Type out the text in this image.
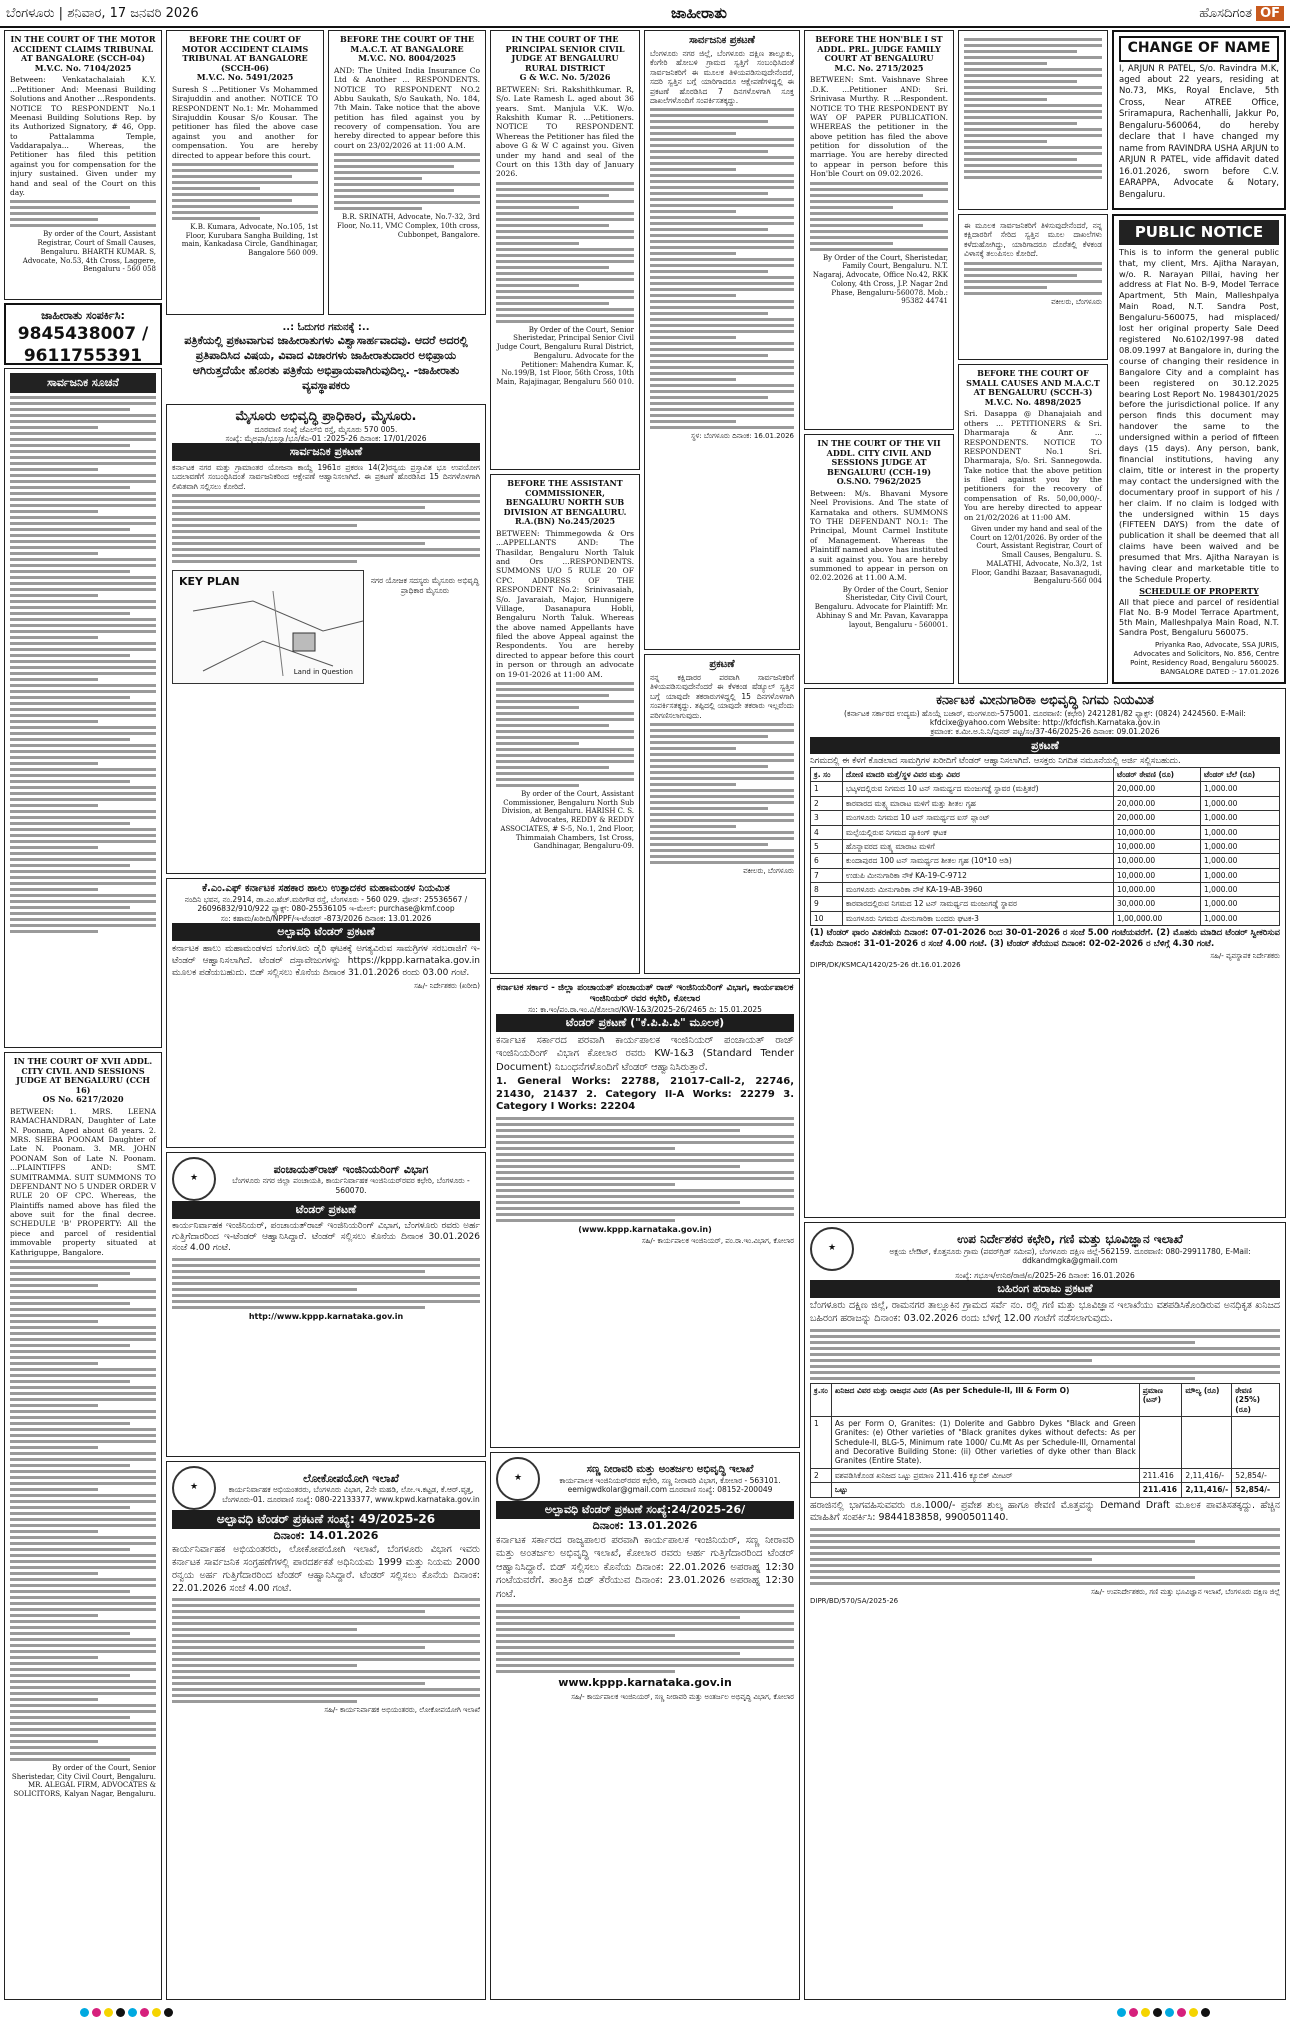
ಬೆಂಗಳೂರು | ಶನಿವಾರ, 17 ಜನವರಿ 2026	ಜಾಹೀರಾತು	ಹೊಸದಿಗಂತ OF
IN THE COURT OF THE MOTOR ACCIDENT CLAIMS TRIBUNAL AT BANGALORE (SCCH-04)
M.V.C. No. 7104/2025
Between: Venkatachalaiah K.Y. ...Petitioner And: Meenasi Building Solutions and Another ...Respondents. NOTICE TO RESPONDENT No.1 Meenasi Building Solutions Rep. by its Authorized Signatory, # 46, Opp. to Pattalamma Temple, Vaddarapalya... Whereas, the Petitioner has filed this petition against you for compensation for the injury sustained. Given under my hand and seal of the Court on this day.
By order of the Court, Assistant Registrar, Court of Small Causes, Bengaluru. BHARTH KUMAR. S, Advocate, No.53, 4th Cross, Laggere, Bengaluru - 560 058
ಜಾಹೀರಾತು ಸಂಪರ್ಕಿಸಿ:
9845438007 /
9611755391
ಸಾರ್ವಜನಿಕ ಸೂಚನೆ
IN THE COURT OF XVII ADDL. CITY CIVIL AND SESSIONS JUDGE AT BENGALURU (CCH 16)
OS No. 6217/2020
BETWEEN: 1. MRS. LEENA RAMACHANDRAN, Daughter of Late N. Poonam, Aged about 68 years. 2. MRS. SHEBA POONAM Daughter of Late N. Poonam. 3. MR. JOHN POONAM Son of Late N. Poonam. ...PLAINTIFFS AND: SMT. SUMITRAMMA. SUIT SUMMONS TO DEFENDANT NO 5 UNDER ORDER V RULE 20 OF CPC. Whereas, the Plaintiffs named above has filed the above suit for the final decree. SCHEDULE 'B' PROPERTY: All the piece and parcel of residential immovable property situated at Kathriguppe, Bangalore.
By order of the Court, Senior Sheristedar, City Civil Court, Bengaluru. MR. ALEGAL FIRM, ADVOCATES & SOLICITORS, Kalyan Nagar, Bengaluru.
BEFORE THE COURT OF MOTOR ACCIDENT CLAIMS TRIBUNAL AT BANGALORE (SCCH-06)
M.V.C. No. 5491/2025
Suresh S ...Petitioner Vs Mohammed Sirajuddin and another. NOTICE TO RESPONDENT No.1: Mr. Mohammed Sirajuddin Kousar S/o Kousar. The petitioner has filed the above case against you and another for compensation. You are hereby directed to appear before this court.
K.B. Kumara, Advocate, No.105, 1st Floor, Kurubara Sangha Building, 1st main, Kankadasa Circle, Gandhinagar, Bangalore 560 009.
BEFORE THE COURT OF THE M.A.C.T. AT BANGALORE
M.V.C. NO. 8004/2025
AND: The United India Insurance Co Ltd & Another ... RESPONDENTS. NOTICE TO RESPONDENT NO.2 Abbu Saukath, S/o Saukath, No. 184, 7th Main. Take notice that the above petition has filed against you by recovery of compensation. You are hereby directed to appear before this court on 23/02/2026 at 11:00 A.M.
B.R. SRINATH, Advocate, No.7-32, 3rd Floor, No.11, VMC Complex, 10th cross, Cubbonpet, Bangalore.
..: ಓದುಗರ ಗಮನಕ್ಕೆ :..
ಪತ್ರಿಕೆಯಲ್ಲಿ ಪ್ರಕಟವಾಗುವ ಜಾಹೀರಾತುಗಳು ವಿಶ್ವಾಸಾರ್ಹವಾದವು. ಆದರೆ ಅದರಲ್ಲಿ ಪ್ರತಿಪಾದಿಸಿದ ವಿಷಯ, ವಿವಾದ ವಿಚಾರಗಳು ಜಾಹೀರಾತುದಾರರ ಅಭಿಪ್ರಾಯ ಆಗಿರುತ್ತದೆಯೇ ಹೊರತು ಪತ್ರಿಕೆಯ ಅಭಿಪ್ರಾಯವಾಗಿರುವುದಿಲ್ಲ. -ಜಾಹೀರಾತು ವ್ಯವಸ್ಥಾಪಕರು
ಮೈಸೂರು ಅಭಿವೃದ್ಧಿ ಪ್ರಾಧಿಕಾರ, ಮೈಸೂರು.
ದೂರವಾಣಿ ಸಂಖ್ಯೆ ಜೆಎಲ್‌ಬಿ ರಸ್ತೆ, ಮೈಸೂರು 570 005.
ಸಂಖ್ಯೆ: ಮೈಅಪ್ರಾ/ಭೂಸ್ವಾ/ಭೂ/ಕೆಎ-01 :2025-26 ದಿನಾಂಕ: 17/01/2026
ಸಾರ್ವಜನಿಕ ಪ್ರಕಟಣೆ
ಕರ್ನಾಟಕ ನಗರ ಮತ್ತು ಗ್ರಾಮಾಂತರ ಯೋಜನಾ ಕಾಯ್ದೆ 1961ರ ಪ್ರಕರಣ 14(2)ರನ್ವಯ ಪ್ರಸ್ತಾವಿತ ಭೂ ಉಪಯೋಗ ಬದಲಾವಣೆಗೆ ಸಂಬಂಧಿಸಿದಂತೆ ಸಾರ್ವಜನಿಕರಿಂದ ಆಕ್ಷೇಪಣೆ ಆಹ್ವಾನಿಸಲಾಗಿದೆ. ಈ ಪ್ರಕಟಣೆ ಹೊರಡಿಸಿದ 15 ದಿನಗಳೊಳಗಾಗಿ ಲಿಖಿತವಾಗಿ ಸಲ್ಲಿಸಲು ಕೋರಿದೆ.
KEY PLAN
Land in Question
ನಗರ ಯೋಜಕ ಸದಸ್ಯರು ಮೈಸೂರು ಅಭಿವೃದ್ಧಿ ಪ್ರಾಧಿಕಾರ ಮೈಸೂರು
ಕೆ.ಎಂ.ಎಫ್ ಕರ್ನಾಟಕ ಸಹಕಾರ ಹಾಲು ಉತ್ಪಾದಕರ ಮಹಾಮಂಡಳ ನಿಯಮಿತ
ನಂದಿನಿ ಭವನ, ನಂ.2914, ಡಾ.ಎಂ.ಹೆಚ್.ಮರಿಗೌಡ ರಸ್ತೆ, ಬೆಂಗಳೂರು - 560 029. ಫೋನ್: 25536567 / 26096832/910/922 ಫ್ಯಾಕ್ಸ್: 080-25536105 ಇ-ಮೇಲ್: purchase@kmf.coop
ಸಂ: ಕಹಾಮ/ಖರೀದಿ/NPPF/ಇ-ಟೆಂಡರ್ -873/2026 ದಿನಾಂಕ: 13.01.2026
ಅಲ್ಪಾವಧಿ ಟೆಂಡರ್ ಪ್ರಕಟಣೆ
ಕರ್ನಾಟಕ ಹಾಲು ಮಹಾಮಂಡಳದ ಬೆಂಗಳೂರು ಡೈರಿ ಘಟಕಕ್ಕೆ ಅಗತ್ಯವಿರುವ ಸಾಮಗ್ರಿಗಳ ಸರಬರಾಜಿಗೆ ಇ-ಟೆಂಡರ್ ಆಹ್ವಾನಿಸಲಾಗಿದೆ. ಟೆಂಡರ್ ದಸ್ತಾವೇಜುಗಳನ್ನು https://kppp.karnataka.gov.in ಮೂಲಕ ಪಡೆಯಬಹುದು. ಬಿಡ್ ಸಲ್ಲಿಸಲು ಕೊನೆಯ ದಿನಾಂಕ 31.01.2026 ರಂದು 03.00 ಗಂಟೆ.
ಸಹಿ/- ನಿರ್ದೇಶಕರು (ಖರೀದಿ)
★
ಪಂಚಾಯತ್‌ರಾಜ್ ಇಂಜಿನಿಯರಿಂಗ್ ವಿಭಾಗ
ಬೆಂಗಳೂರು ನಗರ ಜಿಲ್ಲಾ ಪಂಚಾಯತಿ, ಕಾರ್ಯನಿರ್ವಾಹಕ ಇಂಜಿನಿಯರ್‌ರವರ ಕಛೇರಿ, ಬೆಂಗಳೂರು - 560070.
ಟೆಂಡರ್ ಪ್ರಕಟಣೆ
ಕಾರ್ಯನಿರ್ವಾಹಕ ಇಂಜಿನಿಯರ್, ಪಂಚಾಯತ್‌ರಾಜ್ ಇಂಜಿನಿಯರಿಂಗ್ ವಿಭಾಗ, ಬೆಂಗಳೂರು ರವರು ಅರ್ಹ ಗುತ್ತಿಗೆದಾರರಿಂದ ಇ-ಟೆಂಡರ್ ಆಹ್ವಾನಿಸಿದ್ದಾರೆ. ಟೆಂಡರ್ ಸಲ್ಲಿಸಲು ಕೊನೆಯ ದಿನಾಂಕ 30.01.2026 ಸಂಜೆ 4.00 ಗಂಟೆ.
http://www.kppp.karnataka.gov.in
★
ಲೋಕೋಪಯೋಗಿ ಇಲಾಖೆ
ಕಾರ್ಯನಿರ್ವಾಹಕ ಅಭಿಯಂತರರು, ಬೆಂಗಳೂರು ವಿಭಾಗ, 2ನೇ ಮಹಡಿ, ಲೋ.ಇ.ಕಟ್ಟಡ, ಕೆ.ಆರ್.ವೃತ್ತ, ಬೆಂಗಳೂರು-01. ದೂರವಾಣಿ ಸಂಖ್ಯೆ: 080-22133377, www.kpwd.karnataka.gov.in
ಅಲ್ಪಾವಧಿ ಟೆಂಡರ್ ಪ್ರಕಟಣೆ ಸಂಖ್ಯೆ: 49/2025-26
ದಿನಾಂಕ: 14.01.2026
ಕಾರ್ಯನಿರ್ವಾಹಕ ಅಭಿಯಂತರರು, ಲೋಕೋಪಯೋಗಿ ಇಲಾಖೆ, ಬೆಂಗಳೂರು ವಿಭಾಗ ಇವರು ಕರ್ನಾಟಕ ಸಾರ್ವಜನಿಕ ಸಂಗ್ರಹಣೆಗಳಲ್ಲಿ ಪಾರದರ್ಶಕತೆ ಅಧಿನಿಯಮ 1999 ಮತ್ತು ನಿಯಮ 2000 ರನ್ವಯ ಅರ್ಹ ಗುತ್ತಿಗೆದಾರರಿಂದ ಟೆಂಡರ್ ಆಹ್ವಾನಿಸಿದ್ದಾರೆ. ಟೆಂಡರ್ ಸಲ್ಲಿಸಲು ಕೊನೆಯ ದಿನಾಂಕ: 22.01.2026 ಸಂಜೆ 4.00 ಗಂಟೆ.
ಸಹಿ/- ಕಾರ್ಯನಿರ್ವಾಹಕ ಅಭಿಯಂತರರು, ಲೋಕೋಪಯೋಗಿ ಇಲಾಖೆ
IN THE COURT OF THE PRINCIPAL SENIOR CIVIL JUDGE AT BENGALURU RURAL DISTRICT
G & W.C. No. 5/2026
BETWEEN: Sri. Rakshithkumar. R, S/o. Late Ramesh L. aged about 36 years. Smt. Manjula V.K. W/o. Rakshith Kumar R. ...Petitioners. NOTICE TO RESPONDENT. Whereas the Petitioner has filed the above G & W C against you. Given under my hand and seal of the Court on this 13th day of January 2026.
By Order of the Court, Senior Sheristedar, Principal Senior Civil Judge Court, Bengaluru Rural District, Bengaluru. Advocate for the Petitioner: Mahendra Kumar. K, No.199/B, 1st Floor, 56th Cross, 10th Main, Rajajinagar, Bengaluru 560 010.
BEFORE THE ASSISTANT COMMISSIONER, BENGALURU NORTH SUB DIVISION AT BENGALURU.
R.A.(BN) No.245/2025
BETWEEN: Thimmegowda & Ors ...APPELLANTS AND: The Thasildar, Bengaluru North Taluk and Ors ...RESPONDENTS. SUMMONS U/O 5 RULE 20 OF CPC. ADDRESS OF THE RESPONDENT No.2: Srinivasaiah, S/o. Javaraiah, Major, Hunnigere Village, Dasanapura Hobli, Bengaluru North Taluk. Whereas the above named Appellants have filed the above Appeal against the Respondents. You are hereby directed to appear before this court in person or through an advocate on 19-01-2026 at 11:00 AM.
By order of the Court, Assistant Commissioner, Bengaluru North Sub Division, at Bengaluru. HARISH C. S. Advocates, REDDY & REDDY ASSOCIATES, # S-5, No.1, 2nd Floor, Thimmaiah Chambers, 1st Cross, Gandhinagar, Bengaluru-09.
ಸಾರ್ವಜನಿಕ ಪ್ರಕಟಣೆ
ಬೆಂಗಳೂರು ನಗರ ಜಿಲ್ಲೆ, ಬೆಂಗಳೂರು ದಕ್ಷಿಣ ತಾಲ್ಲೂಕು, ಕೆಂಗೇರಿ ಹೋಬಳಿ ಗ್ರಾಮದ ಸ್ವತ್ತಿಗೆ ಸಂಬಂಧಿಸಿದಂತೆ ಸಾರ್ವಜನಿಕರಿಗೆ ಈ ಮೂಲಕ ತಿಳಿಯಪಡಿಸುವುದೇನೆಂದರೆ, ಸದರಿ ಸ್ವತ್ತಿನ ಬಗ್ಗೆ ಯಾರಿಗಾದರೂ ಆಕ್ಷೇಪಣೆಗಳಿದ್ದಲ್ಲಿ ಈ ಪ್ರಕಟಣೆ ಹೊರಡಿಸಿದ 7 ದಿನಗಳೊಳಗಾಗಿ ಸೂಕ್ತ ದಾಖಲೆಗಳೊಂದಿಗೆ ಸಂಪರ್ಕಿಸತಕ್ಕದ್ದು.
ಸ್ಥಳ: ಬೆಂಗಳೂರು ದಿನಾಂಕ: 16.01.2026
ಪ್ರಕಟಣೆ
ನನ್ನ ಕಕ್ಷಿದಾರರ ಪರವಾಗಿ ಸಾರ್ವಜನಿಕರಿಗೆ ತಿಳಿಯಪಡಿಸುವುದೇನೆಂದರೆ ಈ ಕೆಳಕಂಡ ಷೆಡ್ಯೂಲ್ ಸ್ವತ್ತಿನ ಬಗ್ಗೆ ಯಾವುದೇ ತಕರಾರುಗಳಿದ್ದಲ್ಲಿ 15 ದಿನಗಳೊಳಗಾಗಿ ಸಂಪರ್ಕಿಸತಕ್ಕದ್ದು. ತಪ್ಪಿದಲ್ಲಿ ಯಾವುದೇ ತಕರಾರು ಇಲ್ಲವೆಂದು ಪರಿಗಣಿಸಲಾಗುವುದು.
ವಕೀಲರು, ಬೆಂಗಳೂರು
ಕರ್ನಾಟಕ ಸರ್ಕಾರ - ಜಿಲ್ಲಾ ಪಂಚಾಯತ್ ಪಂಚಾಯತ್ ರಾಜ್ ಇಂಜಿನಿಯರಿಂಗ್ ವಿಭಾಗ, ಕಾರ್ಯಪಾಲಕ ಇಂಜಿನಿಯರ್ ರವರ ಕಛೇರಿ, ಕೋಲಾರ
ಸಂ: ಕಾ.ಇಂ/ಪಂ.ರಾ.ಇಂ.ವಿ/ಕೋಲಾರ/KW-1&3/2025-26/2465 ದಿ: 15.01.2025
ಟೆಂಡರ್ ಪ್ರಕಟಣೆ ("ಕೆ.ಪಿ.ಪಿ.ಪಿ" ಮೂಲಕ)
ಕರ್ನಾಟಕ ಸರ್ಕಾರದ ಪರವಾಗಿ ಕಾರ್ಯಪಾಲಕ ಇಂಜಿನಿಯರ್ ಪಂಚಾಯತ್ ರಾಜ್ ಇಂಜಿನಿಯರಿಂಗ್ ವಿಭಾಗ ಕೋಲಾರ ರವರು KW-1&3 (Standard Tender Document) ನಿಬಂಧನೆಗಳೊಂದಿಗೆ ಟೆಂಡರ್ ಆಹ್ವಾನಿಸಿರುತ್ತಾರೆ.
1. General Works: 22788, 21017-Call-2, 22746, 21430, 21437 2. Category II-A Works: 22279 3. Category I Works: 22204
(www.kppp.karnataka.gov.in)
ಸಹಿ/- ಕಾರ್ಯಪಾಲಕ ಇಂಜಿನಿಯರ್, ಪಂ.ರಾ.ಇಂ.ವಿಭಾಗ, ಕೋಲಾರ
★
ಸಣ್ಣ ನೀರಾವರಿ ಮತ್ತು ಅಂತರ್ಜಲ ಅಭಿವೃದ್ಧಿ ಇಲಾಖೆ
ಕಾರ್ಯಪಾಲಕ ಇಂಜಿನಿಯರ್‌ರವರ ಕಛೇರಿ, ಸಣ್ಣ ನೀರಾವರಿ ವಿಭಾಗ, ಕೋಲಾರ - 563101. eemigwdkolar@gmail.com ದೂರವಾಣಿ ಸಂಖ್ಯೆ: 08152-200049
ಅಲ್ಪಾವಧಿ ಟೆಂಡರ್ ಪ್ರಕಟಣೆ ಸಂಖ್ಯೆ:24/2025-26/
ದಿನಾಂಕ: 13.01.2026
ಕರ್ನಾಟಕ ಸರ್ಕಾರದ ರಾಜ್ಯಪಾಲರ ಪರವಾಗಿ ಕಾರ್ಯಪಾಲಕ ಇಂಜಿನಿಯರ್, ಸಣ್ಣ ನೀರಾವರಿ ಮತ್ತು ಅಂತರ್ಜಲ ಅಭಿವೃದ್ಧಿ ಇಲಾಖೆ, ಕೋಲಾರ ರವರು ಅರ್ಹ ಗುತ್ತಿಗೆದಾರರಿಂದ ಟೆಂಡರ್ ಆಹ್ವಾನಿಸಿದ್ದಾರೆ. ಬಿಡ್ ಸಲ್ಲಿಸಲು ಕೊನೆಯ ದಿನಾಂಕ: 22.01.2026 ಅಪರಾಹ್ನ 12:30 ಗಂಟೆಯವರೆಗೆ. ತಾಂತ್ರಿಕ ಬಿಡ್ ತೆರೆಯುವ ದಿನಾಂಕ: 23.01.2026 ಅಪರಾಹ್ನ 12:30 ಗಂಟೆ.
www.kppp.karnataka.gov.in
ಸಹಿ/- ಕಾರ್ಯಪಾಲಕ ಇಂಜಿನಿಯರ್, ಸಣ್ಣ ನೀರಾವರಿ ಮತ್ತು ಅಂತರ್ಜಲ ಅಭಿವೃದ್ಧಿ ವಿಭಾಗ, ಕೋಲಾರ
BEFORE THE HON'BLE I ST ADDL. PRL. JUDGE FAMILY COURT AT BENGALURU
M.C. No. 2715/2025
BETWEEN: Smt. Vaishnave Shree .D.K. ...Petitioner AND: Sri. Srinivasa Murthy. R ...Respondent. NOTICE TO THE RESPONDENT BY WAY OF PAPER PUBLICATION. WHEREAS the petitioner in the above petition has filed the above petition for dissolution of the marriage. You are hereby directed to appear in person before this Hon'ble Court on 09.02.2026.
By Order of the Court, Sheristedar, Family Court, Bengaluru. N.T. Nagaraj, Advocate, Office No.42, RKK Colony, 4th Cross, J.P. Nagar 2nd Phase, Bengaluru-560078. Mob.: 95382 44741
IN THE COURT OF THE VII ADDL. CITY CIVIL AND SESSIONS JUDGE AT BENGALURU (CCH-19)
O.S.NO. 7962/2025
Between: M/s. Bhavani Mysore Neel Provisions. And The state of Karnataka and others. SUMMONS TO THE DEFENDANT NO.1: The Principal, Mount Carmel Institute of Management. Whereas the Plaintiff named above has instituted a suit against you. You are hereby summoned to appear in person on 02.02.2026 at 11.00 A.M.
By Order of the Court, Senior Sheristedar, City Civil Court, Bengaluru. Advocate for Plaintiff: Mr. Abhinay S and Mr. Pavan, Kavarappa layout, Bengaluru - 560001.
BEFORE THE COURT OF SMALL CAUSES AND M.A.C.T AT BENGALURU (SCCH-3)
M.V.C. No. 4898/2025
Sri. Dasappa @ Dhanajaiah and others ... PETITIONERS & Sri. Dharmaraja & Anr. ... RESPONDENTS. NOTICE TO RESPONDENT No.1 Sri. Dharmaraja, S/o. Sri. Sannegowda. Take notice that the above petition is filed against you by the petitioners for the recovery of compensation of Rs. 50,00,000/-. You are hereby directed to appear on 21/02/2026 at 11:00 AM.
Given under my hand and seal of the Court on 12/01/2026. By order of the Court, Assistant Registrar, Court of Small Causes, Bengaluru. S. MALATHI, Advocate, No.3/2, 1st Floor, Gandhi Bazaar, Basavanagudi, Bengaluru-560 004
CHANGE OF NAME
I, ARJUN R PATEL, S/o. Ravindra M.K, aged about 22 years, residing at No.73, MKs, Royal Enclave, 5th Cross, Near ATREE Office, Sriramapura, Rachenhalli, Jakkur Po, Bengaluru-560064, do hereby declare that I have changed my name from RAVINDRA USHA ARJUN to ARJUN R PATEL, vide affidavit dated 16.01.2026, sworn before C.V. EARAPPA, Advocate & Notary, Bengaluru.
PUBLIC NOTICE
This is to inform the general public that, my client, Mrs. Ajitha Narayan, w/o. R. Narayan Pillai, having her address at Flat No. B-9, Model Terrace Apartment, 5th Main, Malleshpalya Main Road, N.T. Sandra Post, Bengaluru-560075, had misplaced/ lost her original property Sale Deed registered No.6102/1997-98 dated 08.09.1997 at Bangalore in, during the course of changing their residence in Bangalore City and a complaint has been registered on 30.12.2025 bearing Lost Report No. 1984301/2025 before the jurisdictional police. If any person finds this document may handover the same to the undersigned within a period of fifteen days (15 days). Any person, bank, financial institutions, having any claim, title or interest in the property may contact the undersigned with the documentary proof in support of his / her claim. If no claim is lodged with the undersigned within 15 days (FIFTEEN DAYS) from the date of publication it shall be deemed that all claims have been waived and be presumed that Mrs. Ajitha Narayan is having clear and marketable title to the Schedule Property.
SCHEDULE OF PROPERTY
All that piece and parcel of residential Flat No. B-9 Model Terrace Apartment, 5th Main, Malleshpalya Main Road, N.T. Sandra Post, Bengaluru 560075.
Priyanka Rao, Advocate, SSA JURIS, Advocates and Solicitors, No. 856, Centre Point, Residency Road, Bengaluru 560025. BANGALORE DATED :- 17.01.2026
ಈ ಮೂಲಕ ಸಾರ್ವಜನಿಕರಿಗೆ ತಿಳಿಸುವುದೇನೆಂದರೆ, ನನ್ನ ಕಕ್ಷಿದಾರರಿಗೆ ಸೇರಿದ ಸ್ವತ್ತಿನ ಮೂಲ ದಾಖಲೆಗಳು ಕಳೆದುಹೋಗಿದ್ದು, ಯಾರಿಗಾದರೂ ದೊರೆತಲ್ಲಿ ಕೆಳಕಂಡ ವಿಳಾಸಕ್ಕೆ ತಲುಪಿಸಲು ಕೋರಿದೆ.
ವಕೀಲರು, ಬೆಂಗಳೂರು
ಕರ್ನಾಟಕ ಮೀನುಗಾರಿಕಾ ಅಭಿವೃದ್ಧಿ ನಿಗಮ ನಿಯಮಿತ
(ಕರ್ನಾಟಕ ಸರ್ಕಾರದ ಉದ್ಯಮ) ಹೊಯ್ಗೆ ಬಜಾರ್, ಮಂಗಳೂರು-575001. ದೂರವಾಣಿ: (ಕಛೇರಿ) 2421281/82 ಫ್ಯಾಕ್ಸ್: (0824) 2424560. E-Mail: kfdcixe@yahoo.com Website: http://kfdcfish.Karnataka.gov.in
ಕ್ರಮಾಂಕ: ಕ.ಮೀ.ಅ.ನಿ.ನಿ/ಪುನರ್ ಪಟ್ಟ/ಸಂ/37-46/2025-26 ದಿನಾಂಕ: 09.01.2026
ಪ್ರಕಟಣೆ
ನಿಗಮದಲ್ಲಿ ಈ ಕೆಳಗೆ ಕೊಡಲಾದ ಸಾಮಗ್ರಿಗಳ ಖರೀದಿಗೆ ಟೆಂಡರ್ ಆಹ್ವಾನಿಸಲಾಗಿದೆ. ಆಸಕ್ತರು ನಿಗದಿತ ನಮೂನೆಯಲ್ಲಿ ಅರ್ಜಿ ಸಲ್ಲಿಸಬಹುದು.
ಕ್ರ. ಸಂ	ದೋಣಿ ಮಾದರಿ ಮತ್ತೆ/ಸ್ಥಳ ವಿವರ ಮತ್ತು ವಿವರ	ಟೆಂಡರ್ ಠೇವಣಿ (ರೂ)	ಟೆಂಡರ್ ಬೆಲೆ (ರೂ)
1	ಭಟ್ಕಳದಲ್ಲಿರುವ ನಿಗಮದ 10 ಟನ್ ಸಾಮರ್ಥ್ಯದ ಮಂಜುಗಡ್ಡೆ ಸ್ಥಾವರ (ಮತ್ತಿತರೆ)	20,000.00	1,000.00
2	ಕಾರವಾರದ ಮತ್ಸ್ಯ ಮಾರಾಟ ಮಳಿಗೆ ಮತ್ತು ಶೀತಲ ಗೃಹ	20,000.00	1,000.00
3	ಮಂಗಳೂರು ನಿಗಮದ 10 ಟನ್ ಸಾಮರ್ಥ್ಯದ ಐಸ್ ಪ್ಲಾಂಟ್	20,000.00	1,000.00
4	ಮಲ್ಪೆಯಲ್ಲಿರುವ ನಿಗಮದ ಪ್ಯಾಕಿಂಗ್ ಘಟಕ	10,000.00	1,000.00
5	ಹೊನ್ನಾವರದ ಮತ್ಸ್ಯ ಮಾರಾಟ ಮಳಿಗೆ	10,000.00	1,000.00
6	ಕುಂದಾಪುರದ 100 ಟನ್ ಸಾಮರ್ಥ್ಯದ ಶೀತಲ ಗೃಹ (10*10 ಅಡಿ)	10,000.00	1,000.00
7	ಉಡುಪಿ ಮೀನುಗಾರಿಕಾ ನೌಕೆ KA-19-C-9712	10,000.00	1,000.00
8	ಮಂಗಳೂರು ಮೀನುಗಾರಿಕಾ ನೌಕೆ KA-19-AB-3960	10,000.00	1,000.00
9	ಕಾರವಾರದಲ್ಲಿರುವ ನಿಗಮದ 12 ಟನ್ ಸಾಮರ್ಥ್ಯದ ಮಂಜುಗಡ್ಡೆ ಸ್ಥಾವರ	30,000.00	1,000.00
10	ಮಂಗಳೂರು ನಿಗಮದ ಮೀನುಗಾರಿಕಾ ಬಂದರು ಘಟಕ-3	1,00,000.00	1,000.00
(1) ಟೆಂಡರ್ ಫಾರಂ ವಿತರಣೆಯ ದಿನಾಂಕ: 07-01-2026 ರಿಂದ 30-01-2026 ರ ಸಂಜೆ 5.00 ಗಂಟೆಯವರೆಗೆ. (2) ಮೊಹರು ಮಾಡಿದ ಟೆಂಡರ್ ಸ್ವೀಕರಿಸುವ ಕೊನೆಯ ದಿನಾಂಕ: 31-01-2026 ರ ಸಂಜೆ 4.00 ಗಂಟೆ. (3) ಟೆಂಡರ್ ತೆರೆಯುವ ದಿನಾಂಕ: 02-02-2026 ರ ಬೆಳಿಗ್ಗೆ 4.30 ಗಂಟೆ.
ಸಹಿ/- ವ್ಯವಸ್ಥಾಪಕ ನಿರ್ದೇಶಕರು
DIPR/DK/KSMCA/1420/25-26 dt.16.01.2026
★
ಉಪ ನಿರ್ದೇಶಕರ ಕಛೇರಿ, ಗಣಿ ಮತ್ತು ಭೂವಿಜ್ಞಾನ ಇಲಾಖೆ
ಅಕ್ಷಯ ಲೇಔಟ್, ಕೊತ್ತನೂರು ಗ್ರಾಮ (ಪವರ್‌ಗ್ರಿಡ್ ಸಮೀಪ), ಬೆಂಗಳೂರು ದಕ್ಷಿಣ ಜಿಲ್ಲೆ-562159. ದೂರವಾಣಿ: 080-29911780, E-Mail: ddkandmgka@gmail.com
ಸಂಖ್ಯೆ: ಗಭೂಇ/ಉನಿರ/ರಾಜಿ/ಏ/2025-26 ದಿನಾಂಕ: 16.01.2026
ಬಹಿರಂಗ ಹರಾಜು ಪ್ರಕಟಣೆ
ಬೆಂಗಳೂರು ದಕ್ಷಿಣ ಜಿಲ್ಲೆ, ರಾಮನಗರ ತಾಲ್ಲೂಕಿನ ಗ್ರಾಮದ ಸರ್ವೆ ನಂ. ರಲ್ಲಿ ಗಣಿ ಮತ್ತು ಭೂವಿಜ್ಞಾನ ಇಲಾಖೆಯು ವಶಪಡಿಸಿಕೊಂಡಿರುವ ಅನಧಿಕೃತ ಖನಿಜದ ಬಹಿರಂಗ ಹರಾಜನ್ನು ದಿನಾಂಕ: 03.02.2026 ರಂದು ಬೆಳಿಗ್ಗೆ 12.00 ಗಂಟೆಗೆ ನಡೆಸಲಾಗುವುದು.
ಕ್ರ.ಸಂ	ಖನಿಜದ ವಿವರ ಮತ್ತು ರಾಜಧನ ವಿವರ (As per Schedule-II, III & Form O)	ಪ್ರಮಾಣ (ಟನ್)	ಮೌಲ್ಯ (ರೂ)	ಠೇವಣಿ (25%) (ರೂ)
1	As per Form O, Granites: (1) Dolerite and Gabbro Dykes "Black and Green Granites: (e) Other varieties of "Black granites dykes without defects: As per Schedule-II, BLG-5, Minimum rate 1000/ Cu.Mt As per Schedule-III, Ornamental and Decorative Building Stone: (ii) Other varieties of dyke other than Black Granites (Entire State).			
2	ವಶಪಡಿಸಿಕೊಂಡ ಖನಿಜದ ಒಟ್ಟು ಪ್ರಮಾಣ 211.416 ಕ್ಯೂಬಿಕ್ ಮೀಟರ್	211.416	2,11,416/-	52,854/-
	ಒಟ್ಟು	211.416	2,11,416/-	52,854/-
ಹರಾಜಿನಲ್ಲಿ ಭಾಗವಹಿಸುವವರು ರೂ.1000/- ಪ್ರವೇಶ ಶುಲ್ಕ ಹಾಗೂ ಠೇವಣಿ ಮೊತ್ತವನ್ನು Demand Draft ಮೂಲಕ ಪಾವತಿಸತಕ್ಕದ್ದು. ಹೆಚ್ಚಿನ ಮಾಹಿತಿಗೆ ಸಂಪರ್ಕಿಸಿ: 9844183858, 9900501140.
ಸಹಿ/- ಉಪನಿರ್ದೇಶಕರು, ಗಣಿ ಮತ್ತು ಭೂವಿಜ್ಞಾನ ಇಲಾಖೆ, ಬೆಂಗಳೂರು ದಕ್ಷಿಣ ಜಿಲ್ಲೆ
DIPR/BD/570/SA/2025-26
